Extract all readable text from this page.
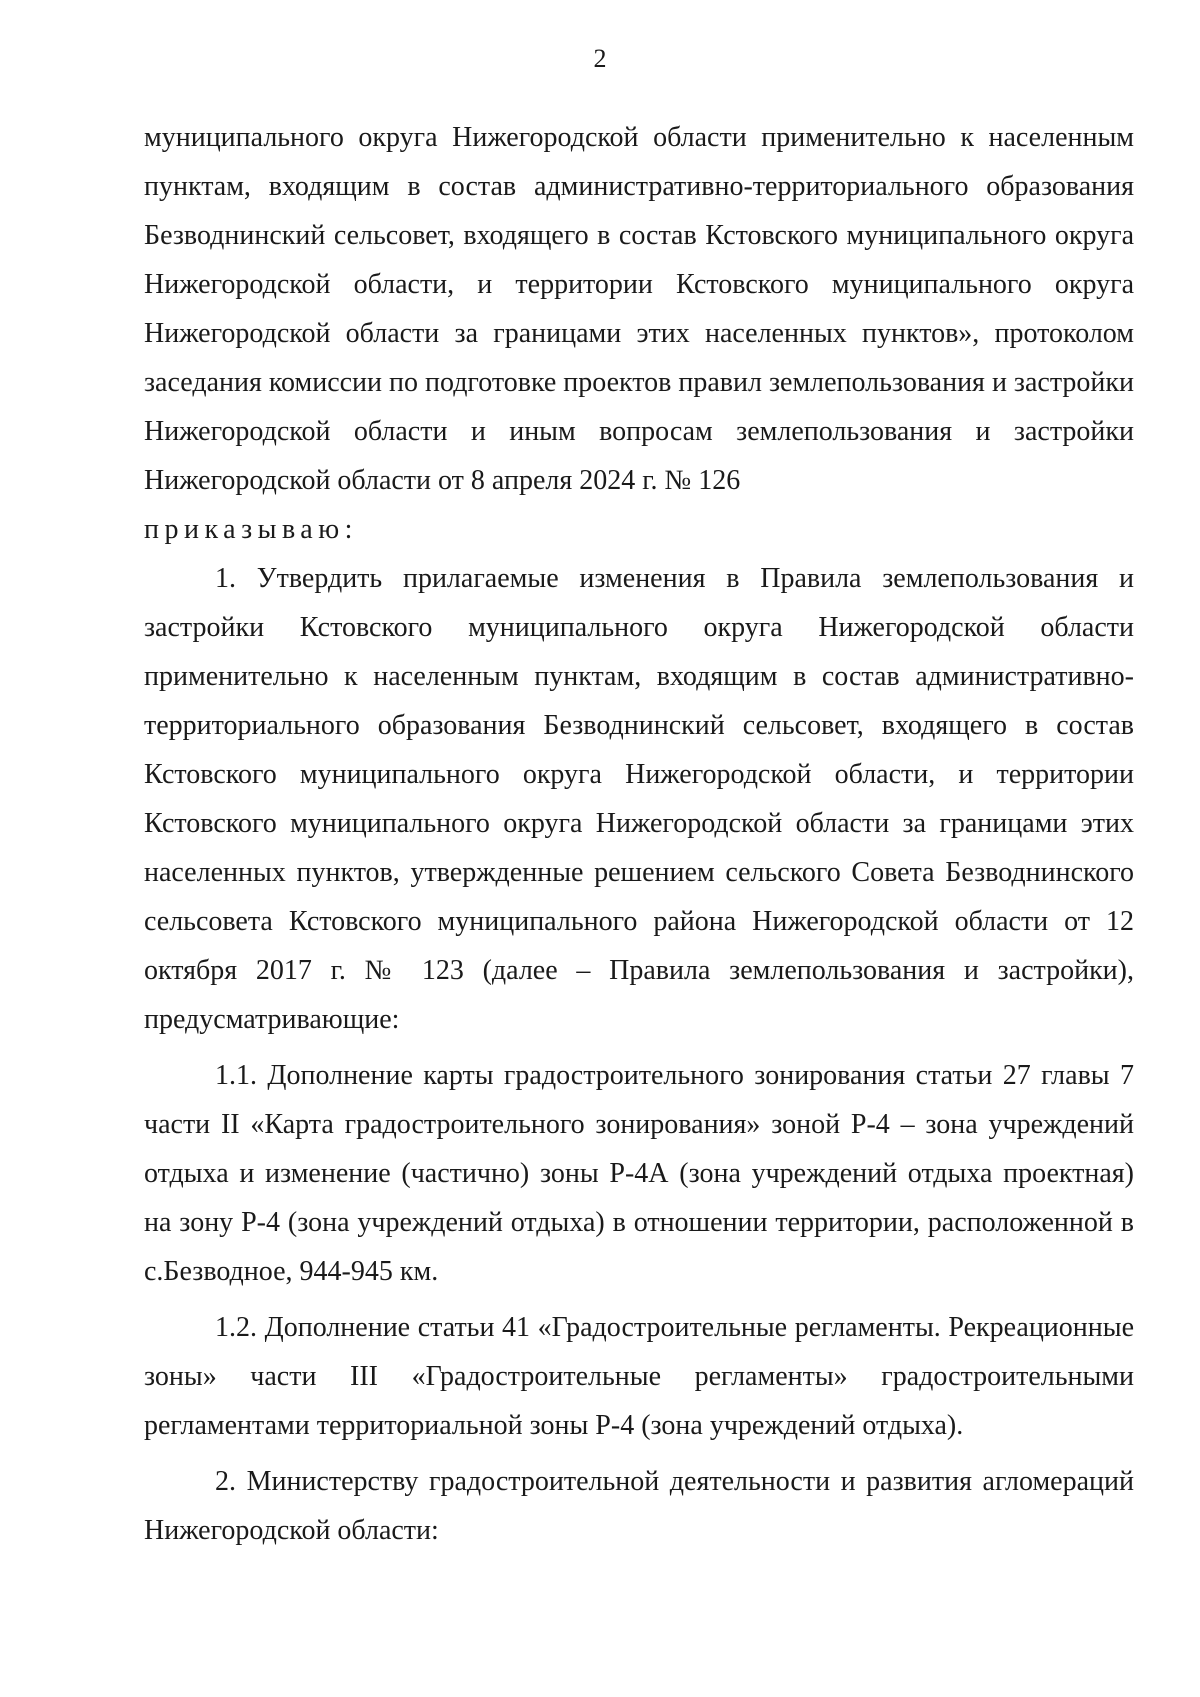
2

муниципального округа Нижегородской области применительно к населенным пунктам, входящим в состав административно-территориального образования Безводнинский сельсовет, входящего в состав Кстовского муниципального округа Нижегородской области, и территории Кстовского муниципального округа Нижегородской области за границами этих населенных пунктов», протоколом заседания комиссии по подготовке проектов правил землепользования и застройки Нижегородской области и иным вопросам землепользования и застройки Нижегородской области от 8 апреля 2024 г. № 126

приказываю:

1. Утвердить прилагаемые изменения в Правила землепользования и застройки Кстовского муниципального округа Нижегородской области применительно к населенным пунктам, входящим в состав административно-территориального образования Безводнинский сельсовет, входящего в состав Кстовского муниципального округа Нижегородской области, и территории Кстовского муниципального округа Нижегородской области за границами этих населенных пунктов, утвержденные решением сельского Совета Безводнинского сельсовета Кстовского муниципального района Нижегородской области от 12 октября 2017 г. № 123 (далее – Правила землепользования и застройки), предусматривающие:

1.1. Дополнение карты градостроительного зонирования статьи 27 главы 7 части II «Карта градостроительного зонирования» зоной Р-4 – зона учреждений отдыха и изменение (частично) зоны Р-4А (зона учреждений отдыха проектная) на зону Р-4 (зона учреждений отдыха) в отношении территории, расположенной в с.Безводное, 944-945 км.

1.2. Дополнение статьи 41 «Градостроительные регламенты. Рекреационные зоны» части III «Градостроительные регламенты» градостроительными регламентами территориальной зоны Р-4 (зона учреждений отдыха).

2. Министерству градостроительной деятельности и развития агломераций Нижегородской области:
